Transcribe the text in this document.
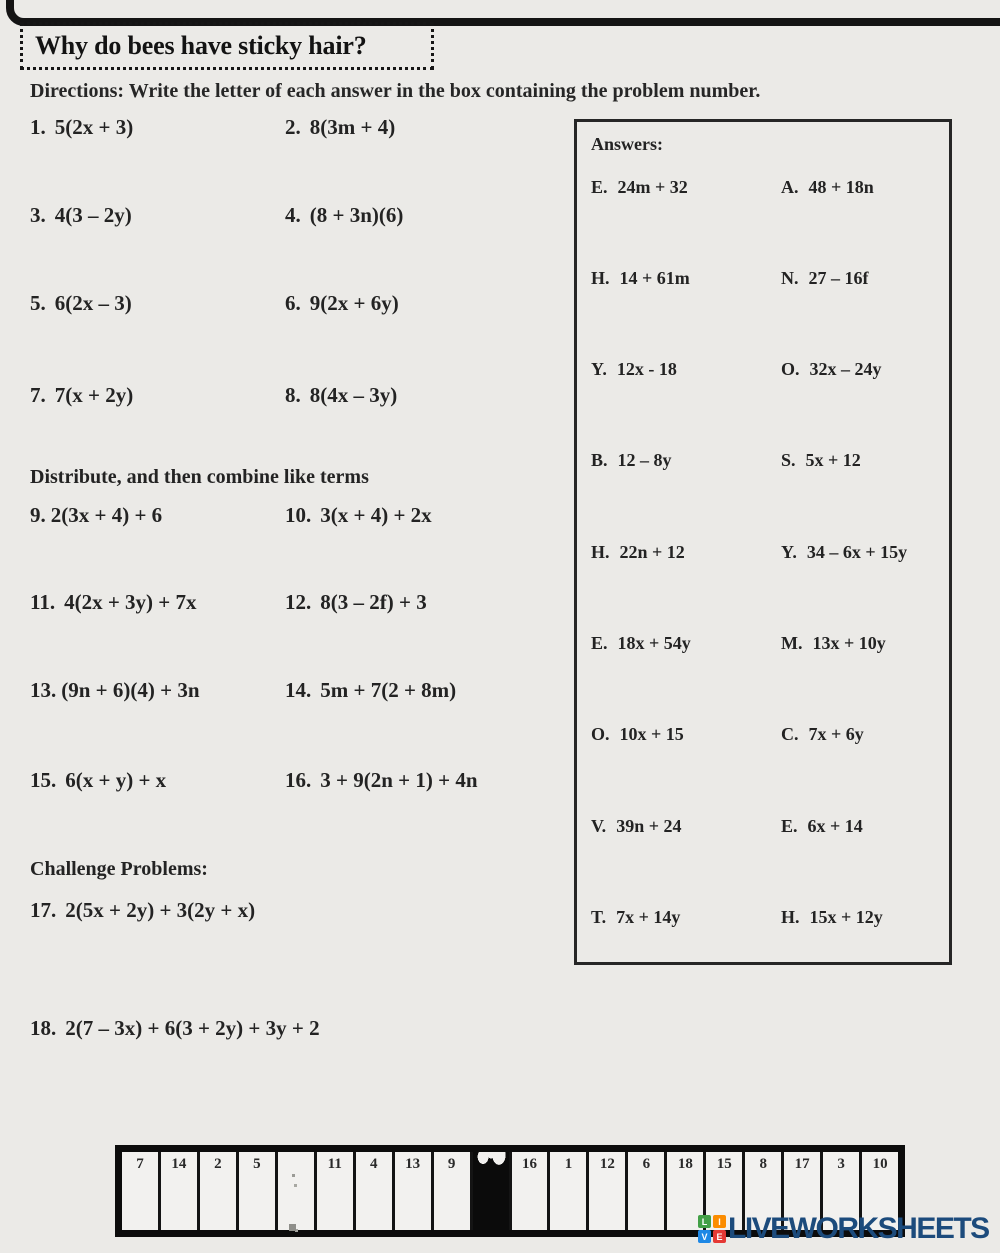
Why do bees have sticky hair?
Directions: Write the letter of each answer in the box containing the problem number.
1. 5(2x + 3)	2. 8(3m + 4)
3. 4(3 – 2y)	4. (8 + 3n)(6)
5. 6(2x – 3)	6. 9(2x + 6y)
7. 7(x + 2y)	8. 8(4x – 3y)
Distribute, and then combine like terms
9. 2(3x + 4) + 6	10. 3(x + 4) + 2x
11. 4(2x + 3y) + 7x	12. 8(3 – 2f) + 3
13. (9n + 6)(4) + 3n	14. 5m + 7(2 + 8m)
15. 6(x + y) + x	16. 3 + 9(2n + 1) + 4n
Challenge Problems:
17. 2(5x + 2y) + 3(2y + x)
18. 2(7 – 3x) + 6(3 + 2y) + 3y + 2
Answers:
E. 24m + 32	A. 48 + 18n
H. 14 + 61m	N. 27 – 16f
Y. 12x - 18	O. 32x – 24y
B. 12 – 8y	S. 5x + 12
H. 22n + 12	Y. 34 – 6x + 15y
E. 18x + 54y	M. 13x + 10y
O. 10x + 15	C. 7x + 6y
V. 39n + 24	E. 6x + 14
T. 7x + 14y	H. 15x + 12y
7	14	2	5	11	4	13	9	16	1	12	6	18	15	8	17	3	10
L	I
V E LIVEWORKSHEETS
